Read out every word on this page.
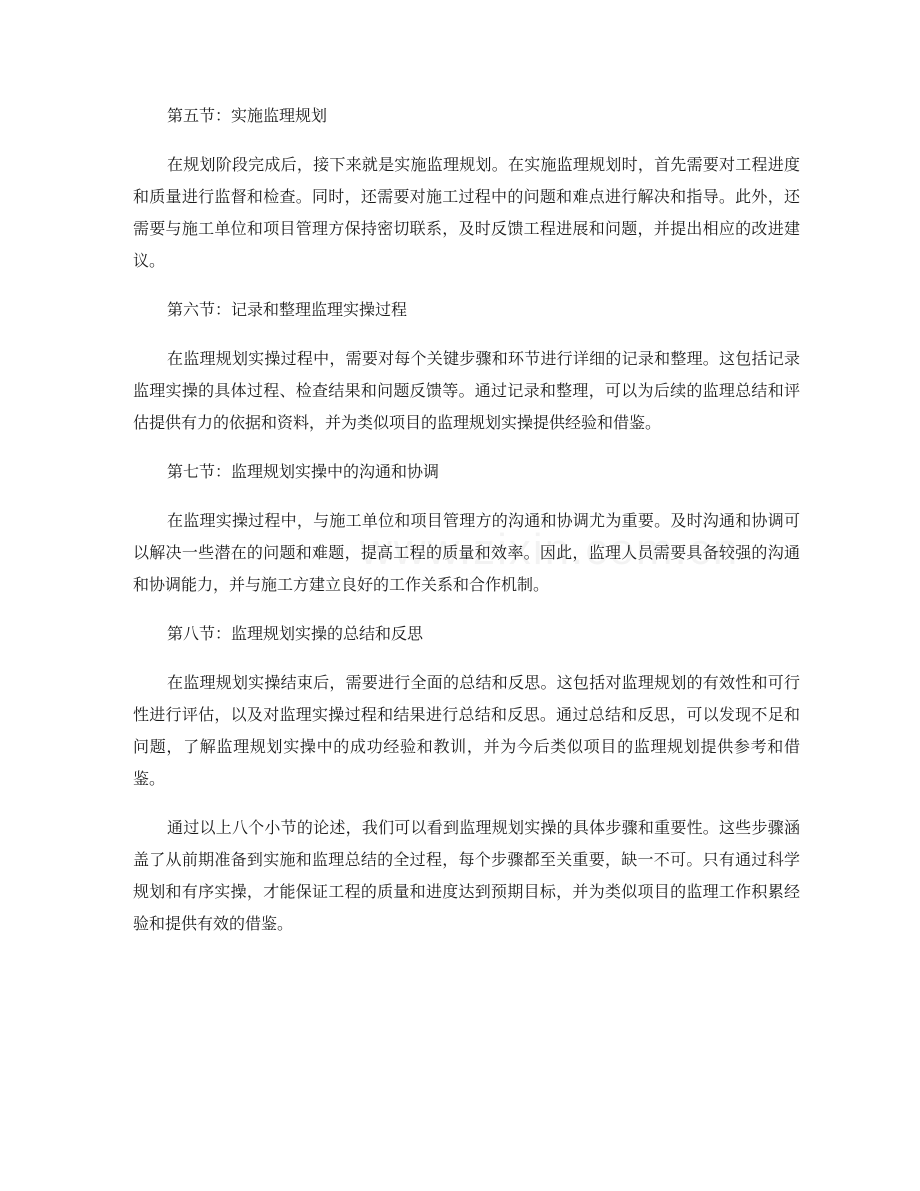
第五节：实施监理规划

在规划阶段完成后，接下来就是实施监理规划。在实施监理规划时，首先需要对工程进度和质量进行监督和检查。同时，还需要对施工过程中的问题和难点进行解决和指导。此外，还需要与施工单位和项目管理方保持密切联系，及时反馈工程进展和问题，并提出相应的改进建议。

第六节：记录和整理监理实操过程

在监理规划实操过程中，需要对每个关键步骤和环节进行详细的记录和整理。这包括记录监理实操的具体过程、检查结果和问题反馈等。通过记录和整理，可以为后续的监理总结和评估提供有力的依据和资料，并为类似项目的监理规划实操提供经验和借鉴。

第七节：监理规划实操中的沟通和协调

在监理实操过程中，与施工单位和项目管理方的沟通和协调尤为重要。及时沟通和协调可以解决一些潜在的问题和难题，提高工程的质量和效率。因此，监理人员需要具备较强的沟通和协调能力，并与施工方建立良好的工作关系和合作机制。

第八节：监理规划实操的总结和反思

在监理规划实操结束后，需要进行全面的总结和反思。这包括对监理规划的有效性和可行性进行评估，以及对监理实操过程和结果进行总结和反思。通过总结和反思，可以发现不足和问题，了解监理规划实操中的成功经验和教训，并为今后类似项目的监理规划提供参考和借鉴。

通过以上八个小节的论述，我们可以看到监理规划实操的具体步骤和重要性。这些步骤涵盖了从前期准备到实施和监理总结的全过程，每个步骤都至关重要，缺一不可。只有通过科学规划和有序实操，才能保证工程的质量和进度达到预期目标，并为类似项目的监理工作积累经验和提供有效的借鉴。
